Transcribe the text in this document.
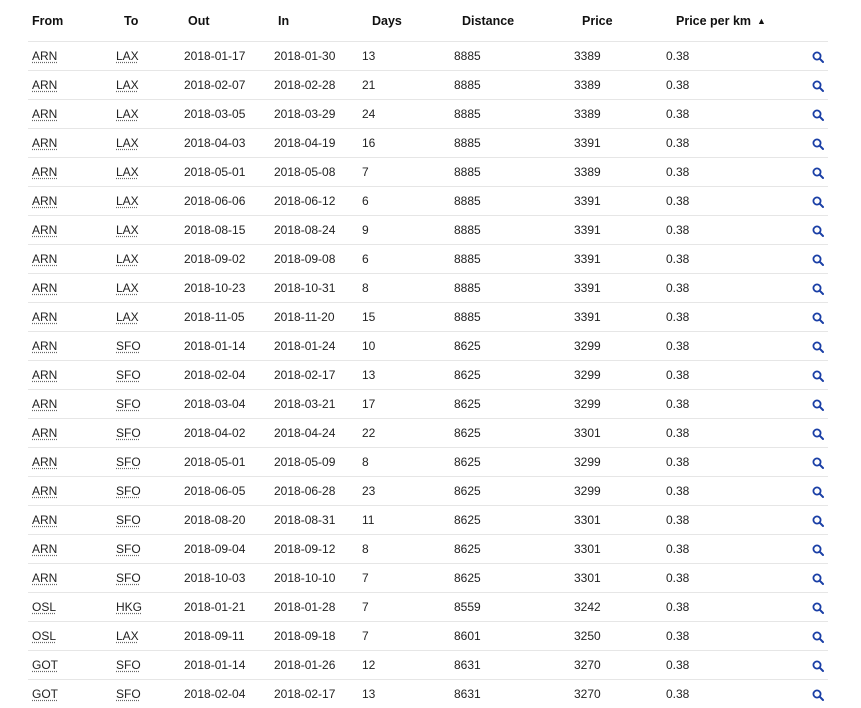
From	To	Out	In	Days	Distance	Price	Price per km ▲	
ARN	LAX	2018-01-17	2018-01-30	13	8885	3389	0.38	
ARN	LAX	2018-02-07	2018-02-28	21	8885	3389	0.38	
ARN	LAX	2018-03-05	2018-03-29	24	8885	3389	0.38	
ARN	LAX	2018-04-03	2018-04-19	16	8885	3391	0.38	
ARN	LAX	2018-05-01	2018-05-08	7	8885	3389	0.38	
ARN	LAX	2018-06-06	2018-06-12	6	8885	3391	0.38	
ARN	LAX	2018-08-15	2018-08-24	9	8885	3391	0.38	
ARN	LAX	2018-09-02	2018-09-08	6	8885	3391	0.38	
ARN	LAX	2018-10-23	2018-10-31	8	8885	3391	0.38	
ARN	LAX	2018-11-05	2018-11-20	15	8885	3391	0.38	
ARN	SFO	2018-01-14	2018-01-24	10	8625	3299	0.38	
ARN	SFO	2018-02-04	2018-02-17	13	8625	3299	0.38	
ARN	SFO	2018-03-04	2018-03-21	17	8625	3299	0.38	
ARN	SFO	2018-04-02	2018-04-24	22	8625	3301	0.38	
ARN	SFO	2018-05-01	2018-05-09	8	8625	3299	0.38	
ARN	SFO	2018-06-05	2018-06-28	23	8625	3299	0.38	
ARN	SFO	2018-08-20	2018-08-31	11	8625	3301	0.38	
ARN	SFO	2018-09-04	2018-09-12	8	8625	3301	0.38	
ARN	SFO	2018-10-03	2018-10-10	7	8625	3301	0.38	
OSL	HKG	2018-01-21	2018-01-28	7	8559	3242	0.38	
OSL	LAX	2018-09-11	2018-09-18	7	8601	3250	0.38	
GOT	SFO	2018-01-14	2018-01-26	12	8631	3270	0.38	
GOT	SFO	2018-02-04	2018-02-17	13	8631	3270	0.38	
